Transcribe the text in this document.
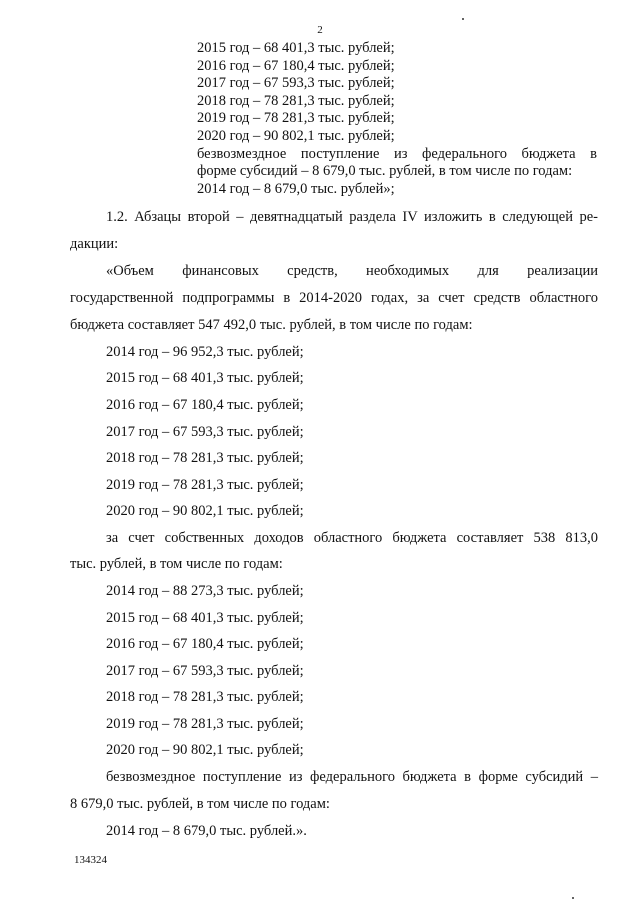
2
2015 год – 68 401,3 тыс. рублей;
2016 год – 67 180,4 тыс. рублей;
2017 год – 67 593,3 тыс. рублей;
2018 год – 78 281,3 тыс. рублей;
2019 год – 78 281,3 тыс. рублей;
2020 год – 90 802,1 тыс. рублей;
безвозмездное поступление из федерального бюджета в
форме субсидий – 8 679,0 тыс. рублей, в том числе по годам:
2014 год – 8 679,0 тыс. рублей»;
1.2. Абзацы второй – девятнадцатый раздела IV изложить в следующей ре-
дакции:
«Объем финансовых средств, необходимых для реализации
государственной подпрограммы в 2014-2020 годах, за счет средств областного
бюджета составляет 547 492,0 тыс. рублей, в том числе по годам:
2014 год – 96 952,3 тыс. рублей;
2015 год – 68 401,3 тыс. рублей;
2016 год – 67 180,4 тыс. рублей;
2017 год – 67 593,3 тыс. рублей;
2018 год – 78 281,3 тыс. рублей;
2019 год – 78 281,3 тыс. рублей;
2020 год – 90 802,1 тыс. рублей;
за счет собственных доходов областного бюджета составляет 538 813,0
тыс. рублей, в том числе по годам:
2014 год – 88 273,3 тыс. рублей;
2015 год – 68 401,3 тыс. рублей;
2016 год – 67 180,4 тыс. рублей;
2017 год – 67 593,3 тыс. рублей;
2018 год – 78 281,3 тыс. рублей;
2019 год – 78 281,3 тыс. рублей;
2020 год – 90 802,1 тыс. рублей;
безвозмездное поступление из федерального бюджета в форме субсидий –
8 679,0 тыс. рублей, в том числе по годам:
2014 год – 8 679,0 тыс. рублей.».
134324
